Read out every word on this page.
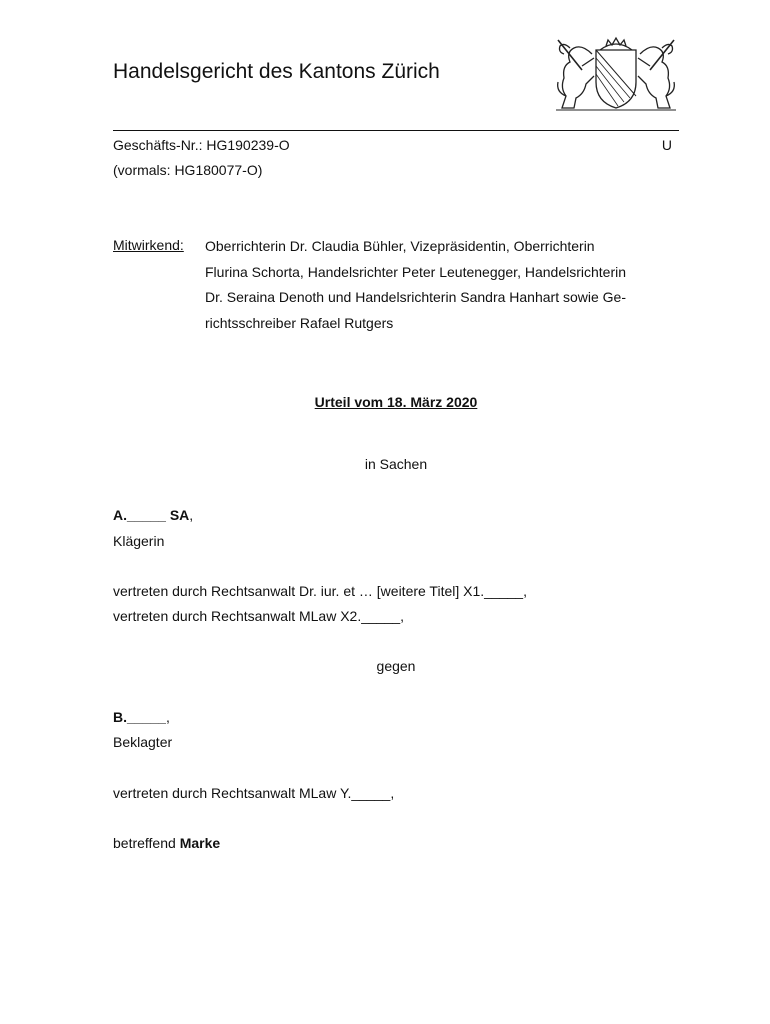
Handelsgericht des Kantons Zürich
Geschäfts-Nr.: HG190239-O	U
(vormals: HG180077-O)
Mitwirkend: Oberrichterin Dr. Claudia Bühler, Vizepräsidentin, Oberrichterin
Flurina Schorta, Handelsrichter Peter Leutenegger, Handelsrichterin
Dr. Seraina Denoth und Handelsrichterin Sandra Hanhart sowie Ge-
richtsschreiber Rafael Rutgers
Urteil vom 18. März 2020
in Sachen
A._____ SA,
Klägerin
vertreten durch Rechtsanwalt Dr. iur. et … [weitere Titel] X1._____,
vertreten durch Rechtsanwalt MLaw X2._____,
gegen
B._____,
Beklagter
vertreten durch Rechtsanwalt MLaw Y._____,
betreffend Marke
